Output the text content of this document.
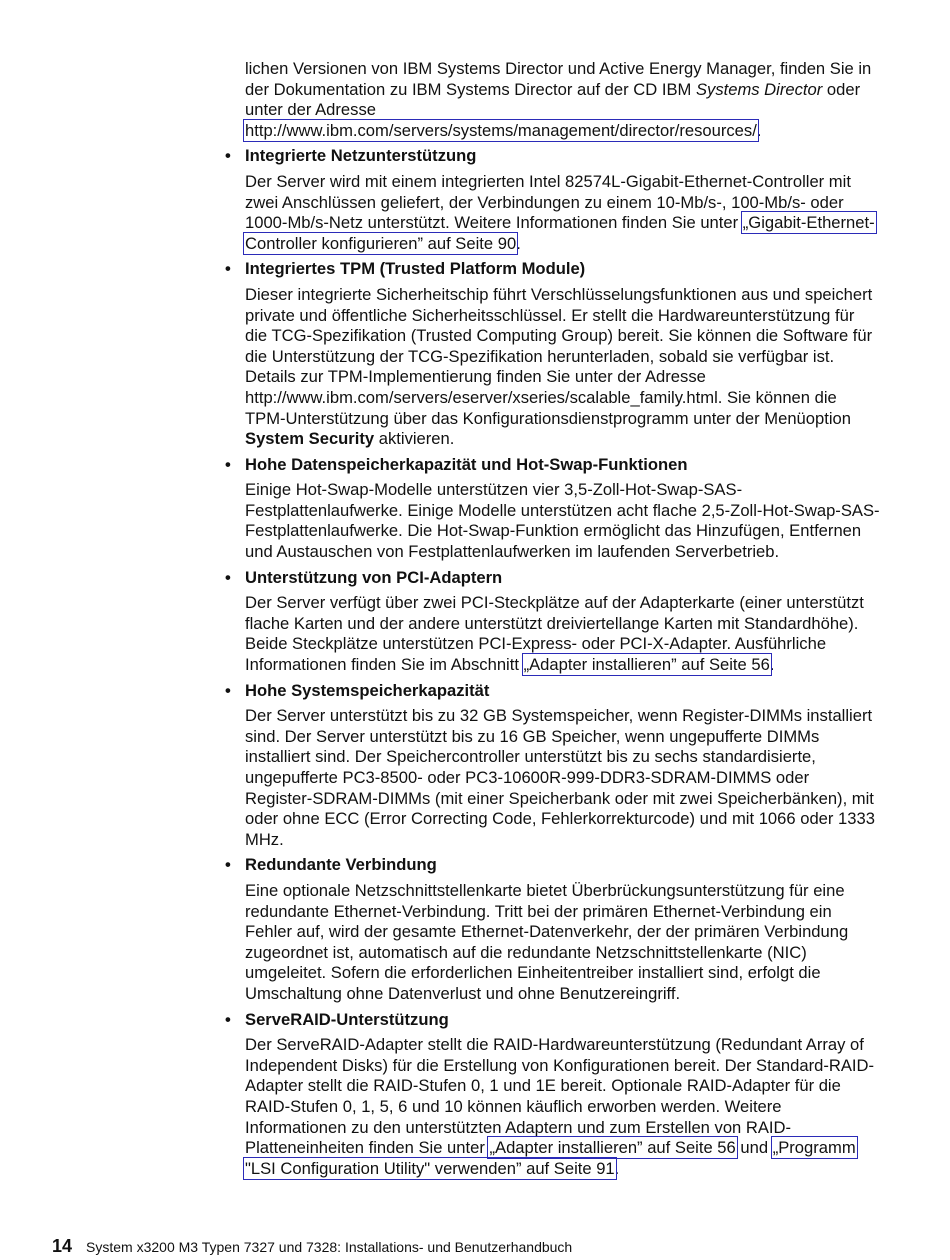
lichen Versionen von IBM Systems Director und Active Energy Manager, finden Sie in der Dokumentation zu IBM Systems Director auf der CD IBM Systems Director oder unter der Adresse http://www.ibm.com/servers/systems/management/director/resources/.

• Integrierte Netzunterstützung

Der Server wird mit einem integrierten Intel 82574L-Gigabit-Ethernet-Controller mit zwei Anschlüssen geliefert, der Verbindungen zu einem 10-Mb/s-, 100-Mb/s- oder 1000-Mb/s-Netz unterstützt. Weitere Informationen finden Sie unter „Gigabit-Ethernet-Controller konfigurieren” auf Seite 90.

• Integriertes TPM (Trusted Platform Module)

Dieser integrierte Sicherheitschip führt Verschlüsselungsfunktionen aus und speichert private und öffentliche Sicherheitsschlüssel. Er stellt die Hardwareunterstützung für die TCG-Spezifikation (Trusted Computing Group) bereit. Sie können die Software für die Unterstützung der TCG-Spezifikation herunterladen, sobald sie verfügbar ist. Details zur TPM-Implementierung finden Sie unter der Adresse http://www.ibm.com/servers/eserver/xseries/scalable_family.html. Sie können die TPM-Unterstützung über das Konfigurationsdienstprogramm unter der Menüoption System Security aktivieren.

• Hohe Datenspeicherkapazität und Hot-Swap-Funktionen

Einige Hot-Swap-Modelle unterstützen vier 3,5-Zoll-Hot-Swap-SAS-Festplattenlaufwerke. Einige Modelle unterstützen acht flache 2,5-Zoll-Hot-Swap-SAS-Festplattenlaufwerke. Die Hot-Swap-Funktion ermöglicht das Hinzufügen, Entfernen und Austauschen von Festplattenlaufwerken im laufenden Serverbetrieb.

• Unterstützung von PCI-Adaptern

Der Server verfügt über zwei PCI-Steckplätze auf der Adapterkarte (einer unterstützt flache Karten und der andere unterstützt dreiviertellange Karten mit Standardhöhe). Beide Steckplätze unterstützen PCI-Express- oder PCI-X-Adapter. Ausführliche Informationen finden Sie im Abschnitt „Adapter installieren” auf Seite 56.

• Hohe Systemspeicherkapazität

Der Server unterstützt bis zu 32 GB Systemspeicher, wenn Register-DIMMs installiert sind. Der Server unterstützt bis zu 16 GB Speicher, wenn ungepufferte DIMMs installiert sind. Der Speichercontroller unterstützt bis zu sechs standardisierte, ungepufferte PC3-8500- oder PC3-10600R-999-DDR3-SDRAM-DIMMS oder Register-SDRAM-DIMMs (mit einer Speicherbank oder mit zwei Speicherbänken), mit oder ohne ECC (Error Correcting Code, Fehlerkorrekturcode) und mit 1066 oder 1333 MHz.

• Redundante Verbindung

Eine optionale Netzschnittstellenkarte bietet Überbrückungsunterstützung für eine redundante Ethernet-Verbindung. Tritt bei der primären Ethernet-Verbindung ein Fehler auf, wird der gesamte Ethernet-Datenverkehr, der der primären Verbindung zugeordnet ist, automatisch auf die redundante Netzschnittstellenkarte (NIC) umgeleitet. Sofern die erforderlichen Einheitentreiber installiert sind, erfolgt die Umschaltung ohne Datenverlust und ohne Benutzereingriff.

• ServeRAID-Unterstützung

Der ServeRAID-Adapter stellt die RAID-Hardwareunterstützung (Redundant Array of Independent Disks) für die Erstellung von Konfigurationen bereit. Der Standard-RAID-Adapter stellt die RAID-Stufen 0, 1 und 1E bereit. Optionale RAID-Adapter für die RAID-Stufen 0, 1, 5, 6 und 10 können käuflich erworben werden. Weitere Informationen zu den unterstützten Adaptern und zum Erstellen von RAID-Platteneinheiten finden Sie unter „Adapter installieren” auf Seite 56 und „Programm "LSI Configuration Utility" verwenden” auf Seite 91.

14 System x3200 M3 Typen 7327 und 7328: Installations- und Benutzerhandbuch
